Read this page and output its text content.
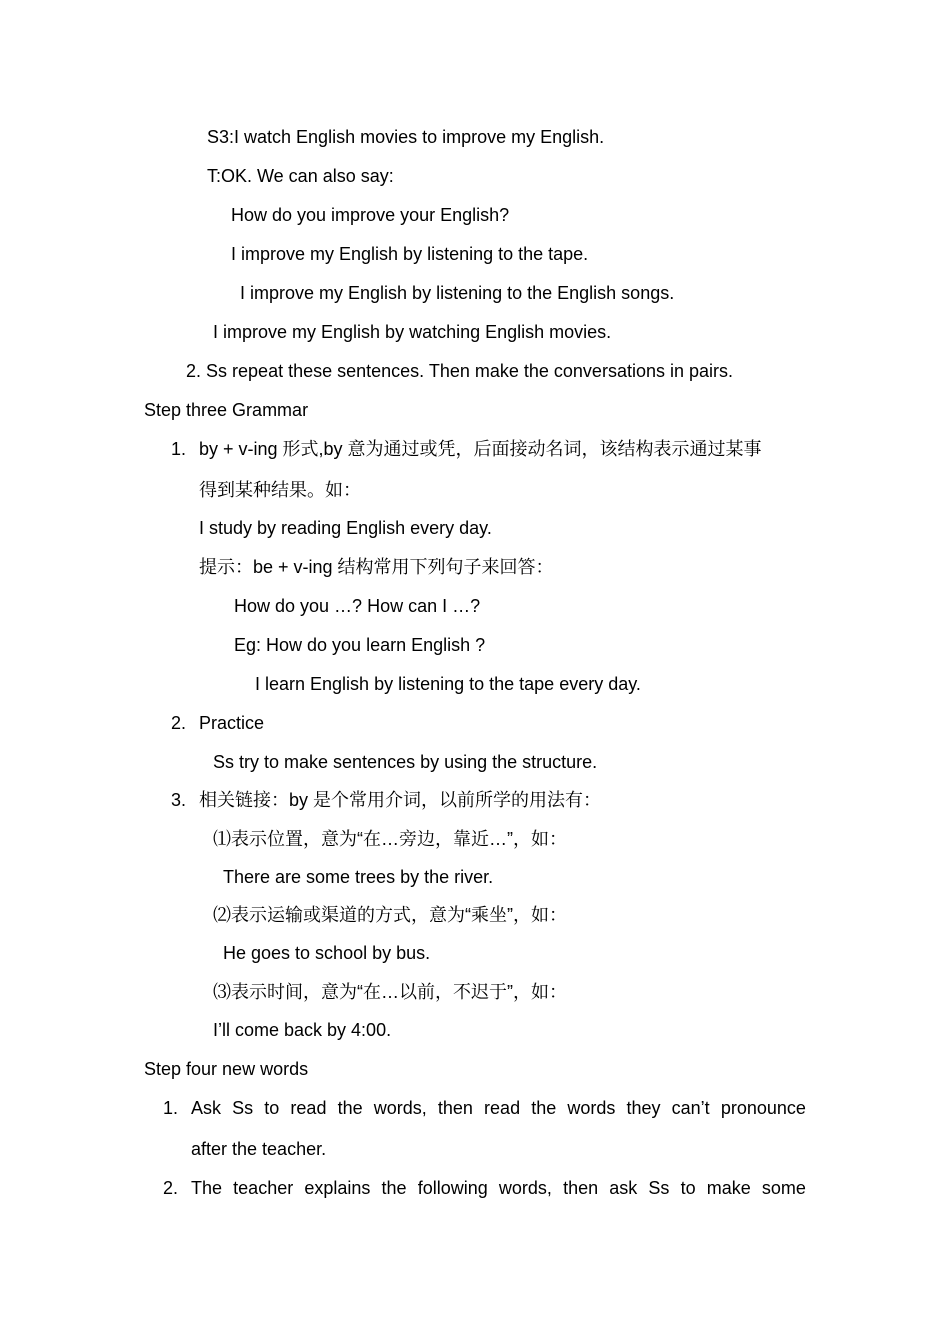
S3:I watch English movies to improve my English.
T:OK. We can also say:
How do you improve your English?
I improve my English by listening to the tape.
I improve my English by listening to the English songs.
I improve my English by watching English movies.
2. Ss repeat these sentences. Then make the conversations in pairs.
Step three Grammar
1. by + v-ing 形式,by 意为通过或凭，后面接动名词，该结构表示通过某事
得到某种结果。如：
I study by reading English every day.
提示：be + v-ing 结构常用下列句子来回答：
How do you …? How can I …?
Eg: How do you learn English ?
I learn English by listening to the tape every day.
2. Practice
Ss try to make sentences by using the structure.
3. 相关链接：by 是个常用介词，以前所学的用法有：
⑴表示位置，意为“在…旁边，靠近…”，如：
There are some trees by the river.
⑵表示运输或渠道的方式，意为“乘坐”，如：
He goes to school by bus.
⑶表示时间，意为“在…以前，不迟于”，如：
I’ll come back by 4:00.
Step four new words
1. Ask Ss to read the words, then read the words they can’t pronounce
after the teacher.
2. The teacher explains the following words, then ask Ss to make some
